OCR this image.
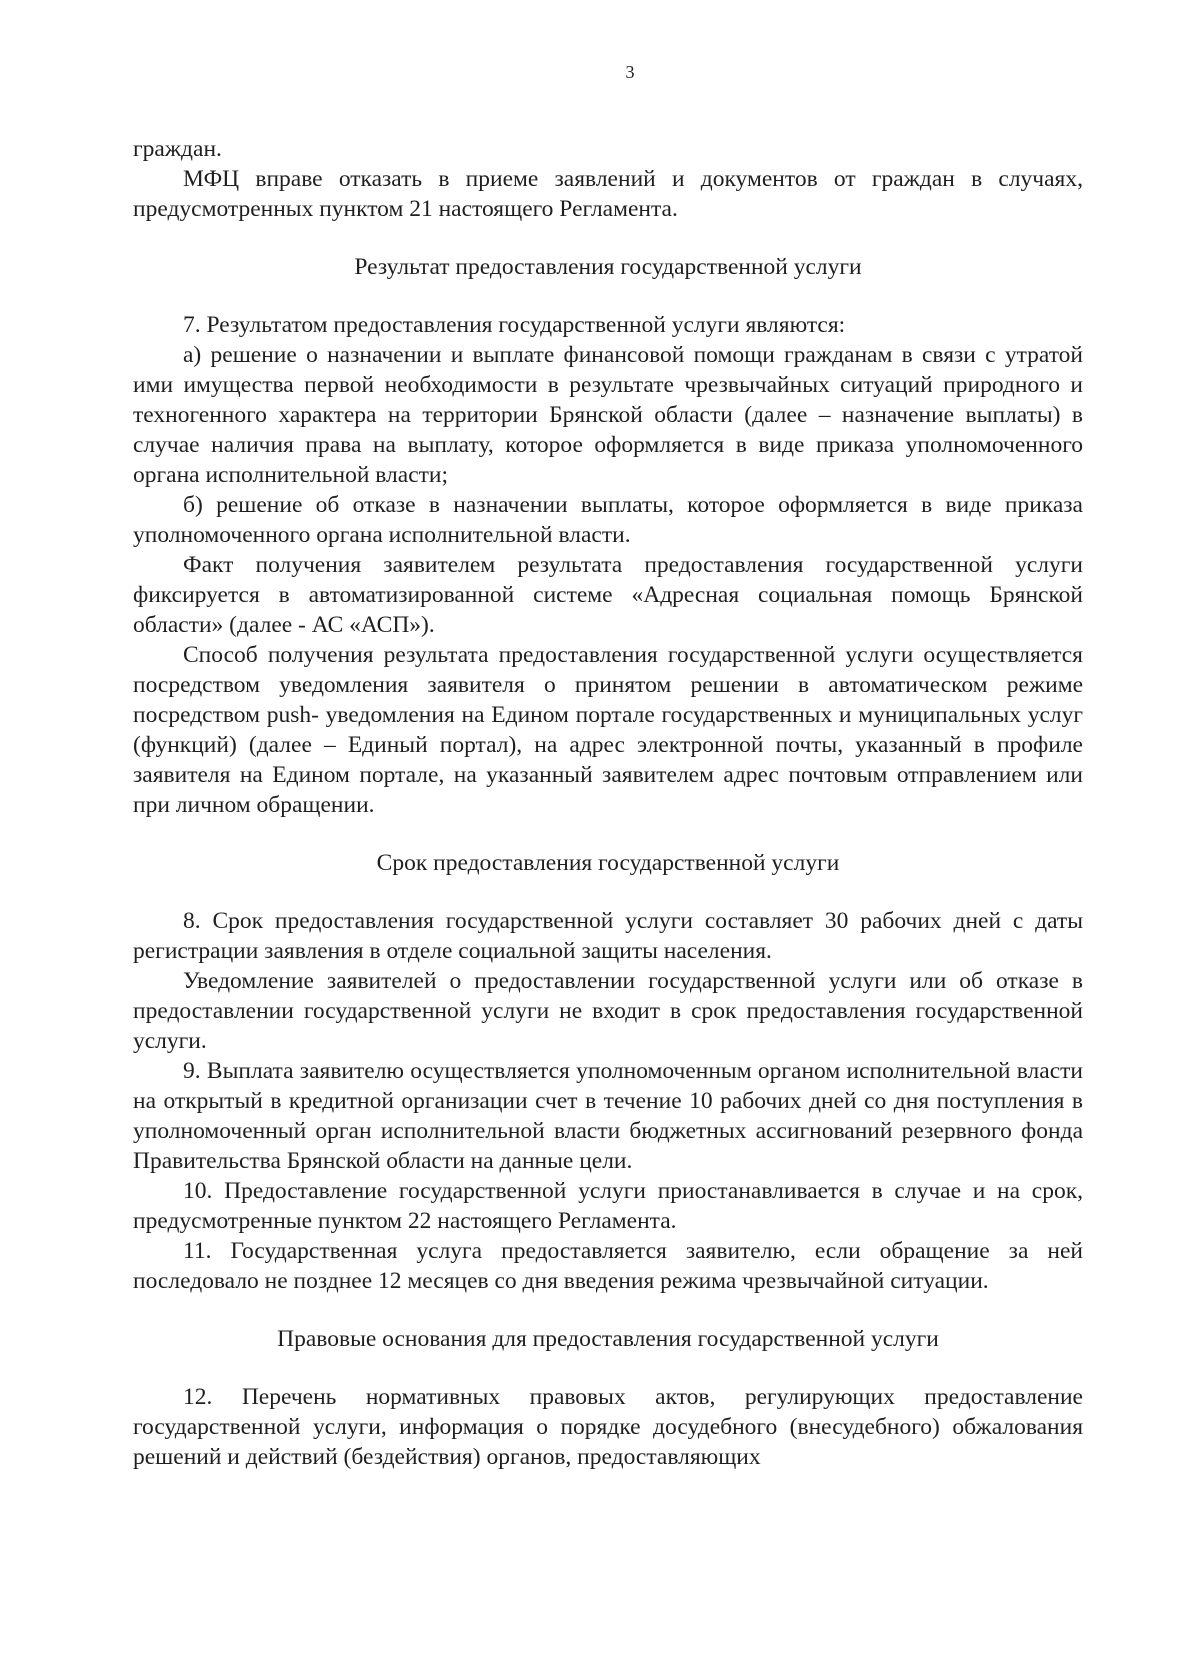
3

граждан.

МФЦ вправе отказать в приеме заявлений и документов от граждан в случаях, предусмотренных пунктом 21 настоящего Регламента.

Результат предоставления государственной услуги

7. Результатом предоставления государственной услуги являются:

а) решение о назначении и выплате финансовой помощи гражданам в связи с утратой ими имущества первой необходимости в результате чрезвычайных ситуаций природного и техногенного характера на территории Брянской области (далее – назначение выплаты) в случае наличия права на выплату, которое оформляется в виде приказа уполномоченного органа исполнительной власти;

б) решение об отказе в назначении выплаты, которое оформляется в виде приказа уполномоченного органа исполнительной власти.

Факт получения заявителем результата предоставления государственной услуги фиксируется в автоматизированной системе «Адресная социальная помощь Брянской области» (далее - АС «АСП»).

Способ получения результата предоставления государственной услуги осуществляется посредством уведомления заявителя о принятом решении в автоматическом режиме посредством push- уведомления на Едином портале государственных и муниципальных услуг (функций) (далее – Единый портал), на адрес электронной почты, указанный в профиле заявителя на Едином портале, на указанный заявителем адрес почтовым отправлением или при личном обращении.

Срок предоставления государственной услуги

8. Срок предоставления государственной услуги составляет 30 рабочих дней с даты регистрации заявления в отделе социальной защиты населения.

Уведомление заявителей о предоставлении государственной услуги или об отказе в предоставлении государственной услуги не входит в срок предоставления государственной услуги.

9. Выплата заявителю осуществляется уполномоченным органом исполнительной власти на открытый в кредитной организации счет в течение 10 рабочих дней со дня поступления в уполномоченный орган исполнительной власти бюджетных ассигнований резервного фонда Правительства Брянской области на данные цели.

10. Предоставление государственной услуги приостанавливается в случае и на срок, предусмотренные пунктом 22 настоящего Регламента.

11. Государственная услуга предоставляется заявителю, если обращение за ней последовало не позднее 12 месяцев со дня введения режима чрезвычайной ситуации.

Правовые основания для предоставления государственной услуги

12. Перечень нормативных правовых актов, регулирующих предоставление государственной услуги, информация о порядке досудебного (внесудебного) обжалования решений и действий (бездействия) органов, предоставляющих
